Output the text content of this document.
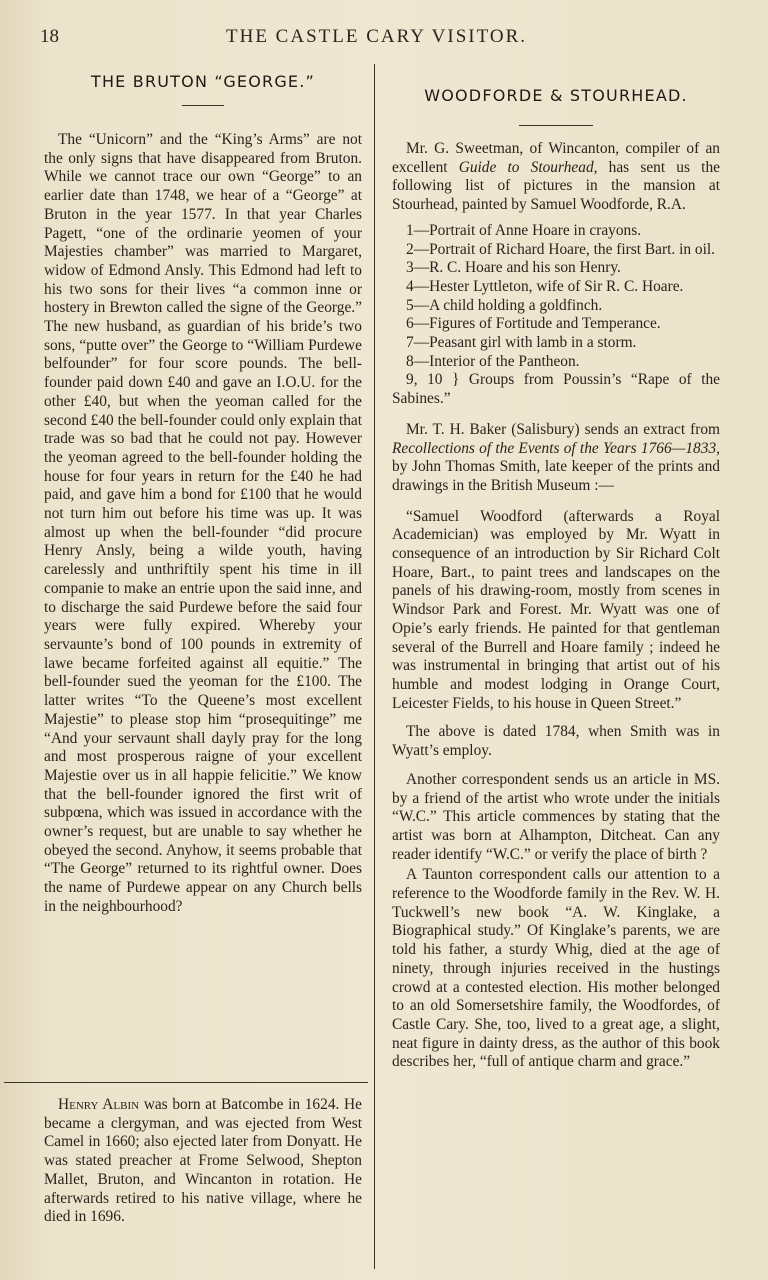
18	THE CASTLE CARY VISITOR.
THE BRUTON “GEORGE.”

The “Unicorn” and the “King’s Arms” are not the only signs that have disappeared from Bruton. While we cannot trace our own “George” to an earlier date than 1748, we hear of a “George” at Bruton in the year 1577. In that year Charles Pagett, “one of the ordinarie yeomen of your Majesties chamber” was married to Margaret, widow of Edmond Ansly. This Edmond had left to his two sons for their lives “a common inne or hostery in Brewton called the signe of the George.” The new husband, as guardian of his bride’s two sons, “putte over” the George to “William Purdewe belfounder” for four score pounds. The bell-founder paid down £40 and gave an I.O.U. for the other £40, but when the yeoman called for the second £40 the bell-founder could only explain that trade was so bad that he could not pay. However the yeoman agreed to the bell-founder holding the house for four years in return for the £40 he had paid, and gave him a bond for £100 that he would not turn him out before his time was up. It was almost up when the bell-founder “did procure Henry Ansly, being a wilde youth, having carelessly and unthriftily spent his time in ill companie to make an entrie upon the said inne, and to discharge the said Purdewe before the said four years were fully expired. Whereby your servaunte’s bond of 100 pounds in extremity of lawe became forfeited against all equitie.” The bell-founder sued the yeoman for the £100. The latter writes “To the Queene’s most excellent Majestie” to please stop him “prosequitinge” me “And your servaunt shall dayly pray for the long and most prosperous raigne of your excellent Majestie over us in all happie felicitie.” We know that the bell-founder ignored the first writ of subpœna, which was issued in accordance with the owner’s request, but are unable to say whether he obeyed the second. Anyhow, it seems probable that “The George” returned to its rightful owner. Does the name of Purdewe appear on any Church bells in the neighbourhood?

Henry Albin was born at Batcombe in 1624. He became a clergyman, and was ejected from West Camel in 1660; also ejected later from Donyatt. He was stated preacher at Frome Selwood, Shepton Mallet, Bruton, and Wincanton in rotation. He afterwards retired to his native village, where he died in 1696.

WOODFORDE & STOURHEAD.

Mr. G. Sweetman, of Wincanton, compiler of an excellent Guide to Stourhead, has sent us the following list of pictures in the mansion at Stourhead, painted by Samuel Woodforde, R.A.

1—Portrait of Anne Hoare in crayons.
2—Portrait of Richard Hoare, the first Bart. in oil.
3—R. C. Hoare and his son Henry.
4—Hester Lyttleton, wife of Sir R. C. Hoare.
5—A child holding a goldfinch.
6—Figures of Fortitude and Temperance.
7—Peasant girl with lamb in a storm.
8—Interior of the Pantheon.
9, 10 } Groups from Poussin’s “Rape of the Sabines.”

Mr. T. H. Baker (Salisbury) sends an extract from Recollections of the Events of the Years 1766—1833, by John Thomas Smith, late keeper of the prints and drawings in the British Museum :—

“Samuel Woodford (afterwards a Royal Academician) was employed by Mr. Wyatt in consequence of an introduction by Sir Richard Colt Hoare, Bart., to paint trees and landscapes on the panels of his drawing-room, mostly from scenes in Windsor Park and Forest. Mr. Wyatt was one of Opie’s early friends. He painted for that gentleman several of the Burrell and Hoare family ; indeed he was instrumental in bringing that artist out of his humble and modest lodging in Orange Court, Leicester Fields, to his house in Queen Street.”

The above is dated 1784, when Smith was in Wyatt’s employ.

Another correspondent sends us an article in MS. by a friend of the artist who wrote under the initials “W.C.” This article commences by stating that the artist was born at Alhampton, Ditcheat. Can any reader identify “W.C.” or verify the place of birth ?

A Taunton correspondent calls our attention to a reference to the Woodforde family in the Rev. W. H. Tuckwell’s new book “A. W. Kinglake, a Biographical study.” Of Kinglake’s parents, we are told his father, a sturdy Whig, died at the age of ninety, through injuries received in the hustings crowd at a contested election. His mother belonged to an old Somersetshire family, the Woodfordes, of Castle Cary. She, too, lived to a great age, a slight, neat figure in dainty dress, as the author of this book describes her, “full of antique charm and grace.”
